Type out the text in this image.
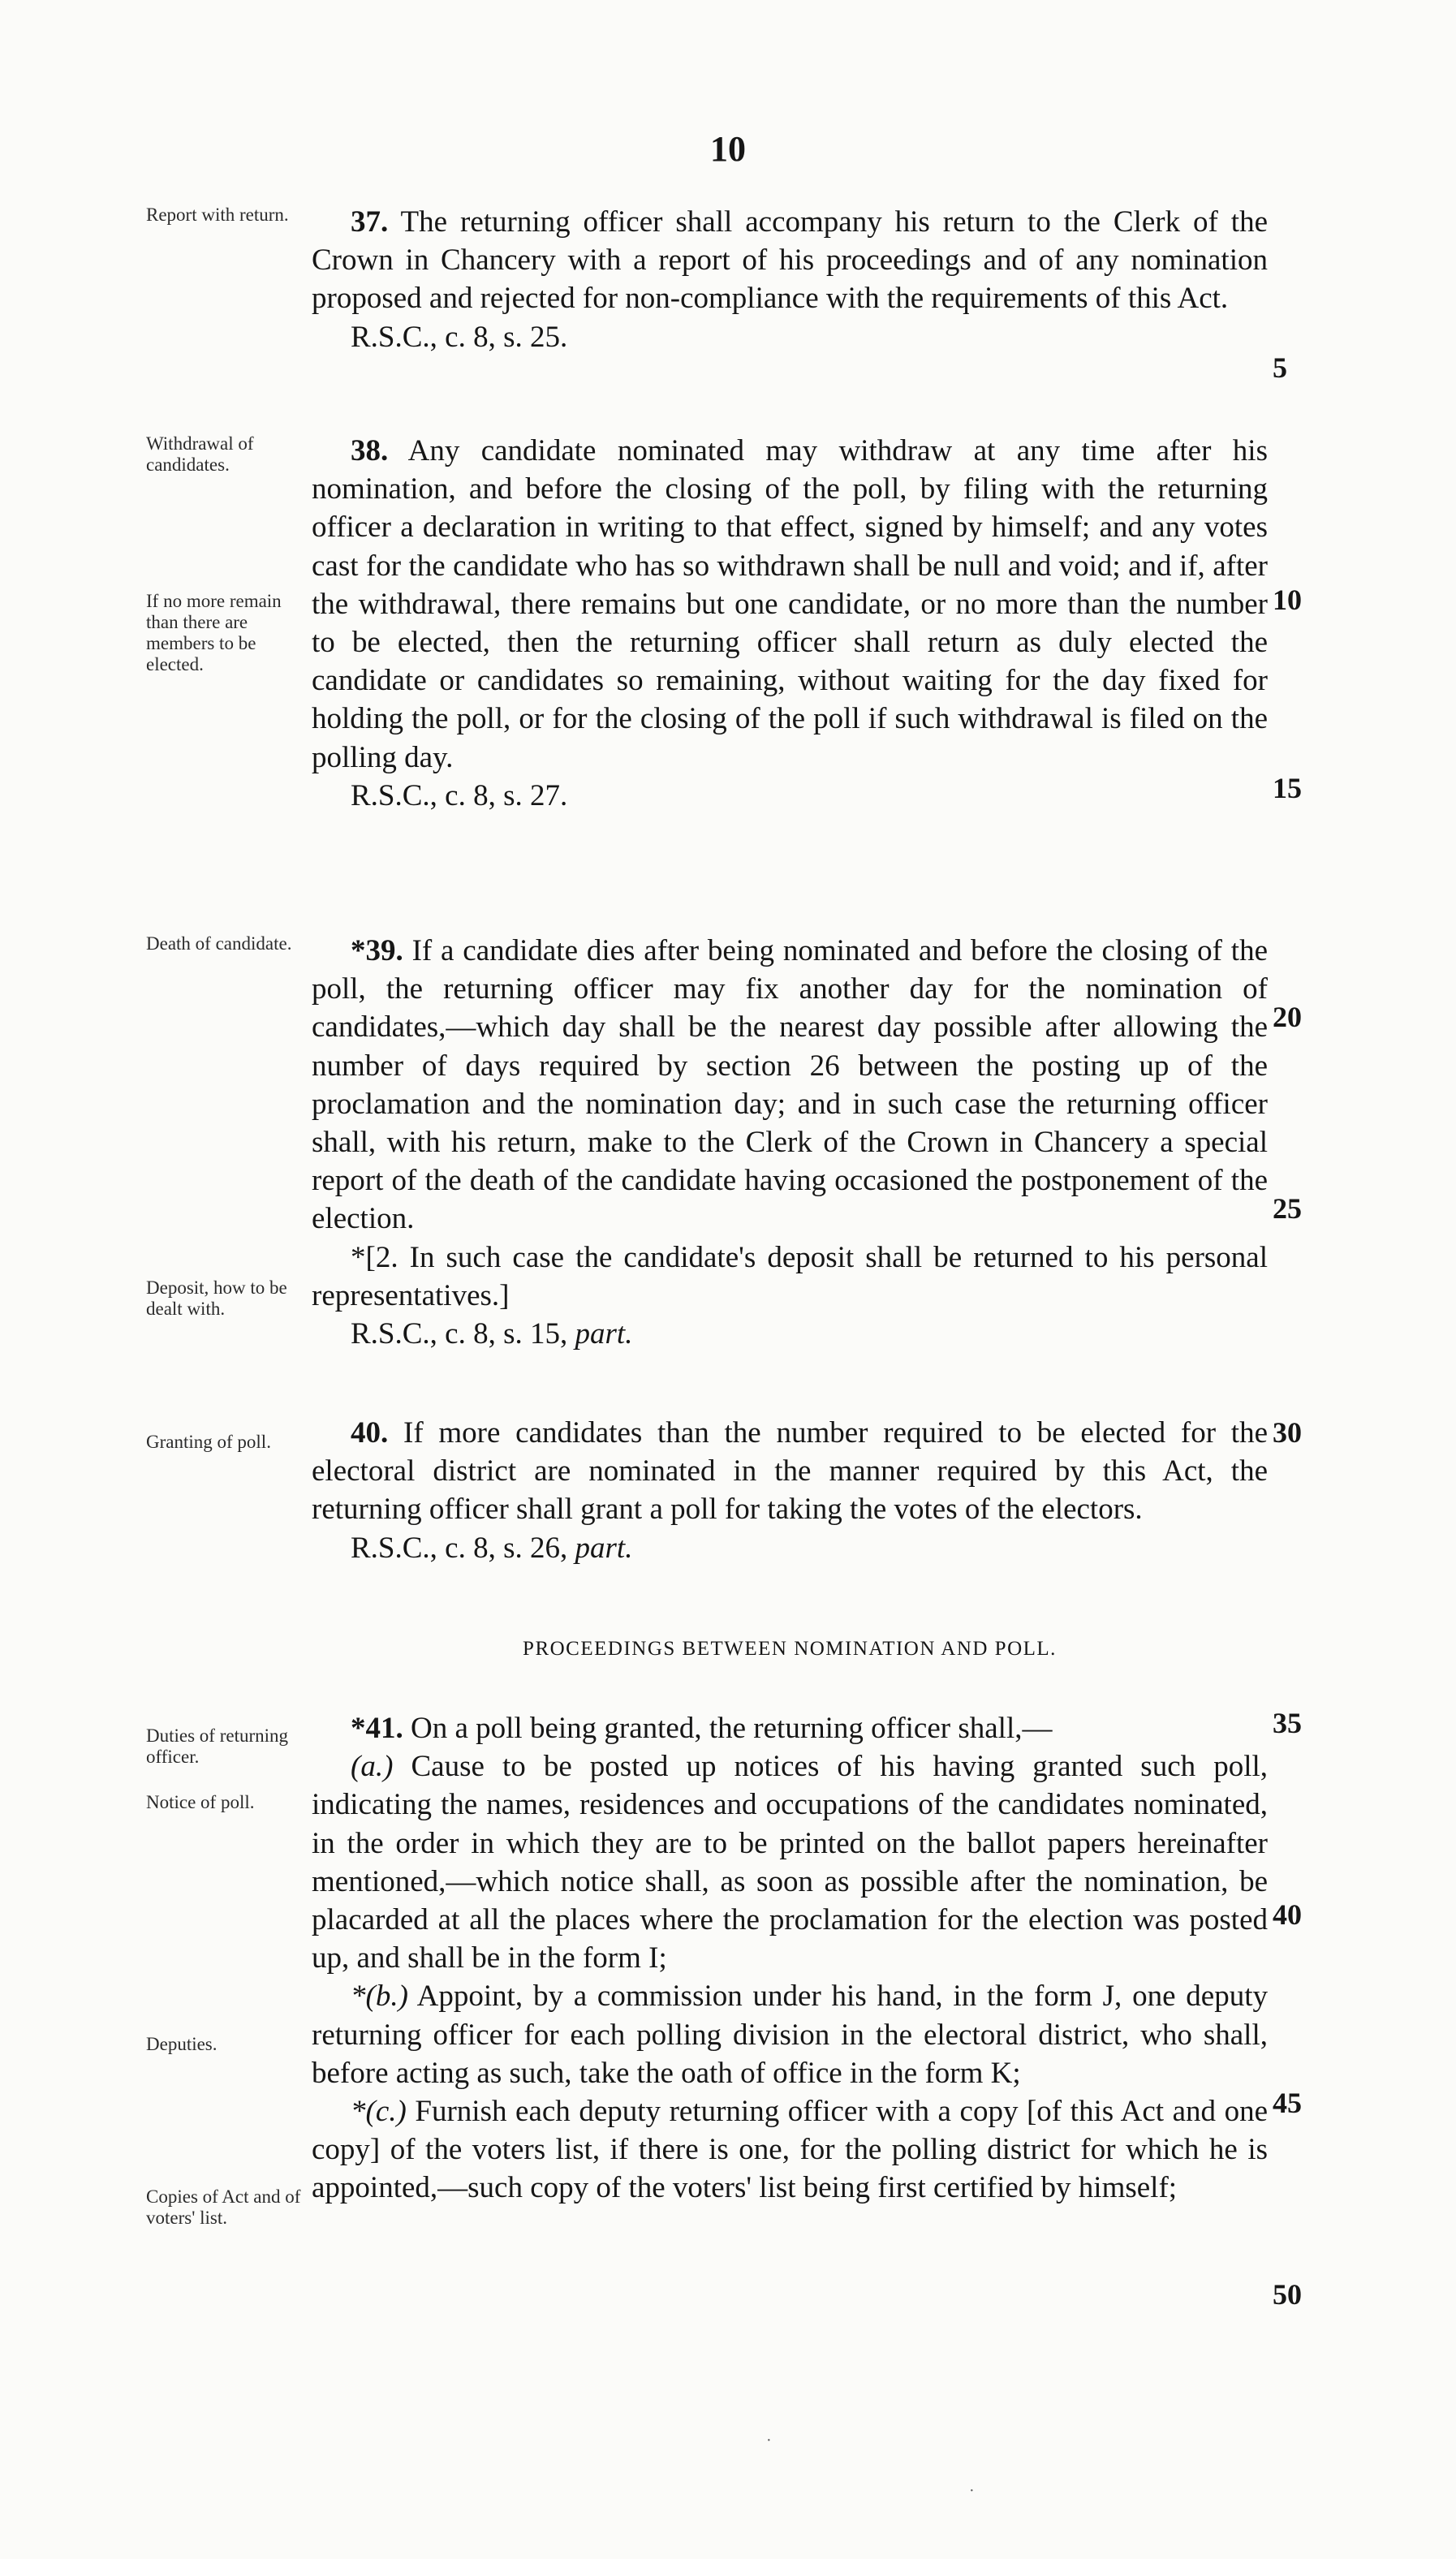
10
Report with return.
Withdrawal of candidates.
If no more remain than there are members to be elected.
Death of candidate.
Deposit, how to be dealt with.
Granting of poll.
Duties of returning officer.
Notice of poll.
Deputies.
Copies of Act and of voters' list.
5
10
15
20
25
30
35
40
45
50

37. The returning officer shall accompany his return to the Clerk of the Crown in Chancery with a report of his proceedings and of any nomination proposed and rejected for non-compliance with the requirements of this Act.

R.S.C., c. 8, s. 25.

38. Any candidate nominated may withdraw at any time after his nomination, and before the closing of the poll, by filing with the returning officer a declaration in writing to that effect, signed by himself; and any votes cast for the candidate who has so withdrawn shall be null and void; and if, after the withdrawal, there remains but one candidate, or no more than the number to be elected, then the returning officer shall return as duly elected the candidate or candidates so remaining, without waiting for the day fixed for holding the poll, or for the closing of the poll if such withdrawal is filed on the polling day.

R.S.C., c. 8, s. 27.

*39. If a candidate dies after being nominated and before the closing of the poll, the returning officer may fix another day for the nomination of candidates,—which day shall be the nearest day possible after allowing the number of days required by section 26 between the posting up of the proclamation and the nomination day; and in such case the returning officer shall, with his return, make to the Clerk of the Crown in Chancery a special report of the death of the candidate having occasioned the postponement of the election.

*[2. In such case the candidate's deposit shall be returned to his personal representatives.]

R.S.C., c. 8, s. 15, part.

40. If more candidates than the number required to be elected for the electoral district are nominated in the manner required by this Act, the returning officer shall grant a poll for taking the votes of the electors.

R.S.C., c. 8, s. 26, part.

PROCEEDINGS BETWEEN NOMINATION AND POLL.

*41. On a poll being granted, the returning officer shall,—

(a.) Cause to be posted up notices of his having granted such poll, indicating the names, residences and occupations of the candidates nominated, in the order in which they are to be printed on the ballot papers hereinafter mentioned,—which notice shall, as soon as possible after the nomination, be placarded at all the places where the proclamation for the election was posted up, and shall be in the form I;

*(b.) Appoint, by a commission under his hand, in the form J, one deputy returning officer for each polling division in the electoral district, who shall, before acting as such, take the oath of office in the form K;

*(c.) Furnish each deputy returning officer with a copy [of this Act and one copy] of the voters list, if there is one, for the polling district for which he is appointed,—such copy of the voters' list being first certified by himself;

·
·
